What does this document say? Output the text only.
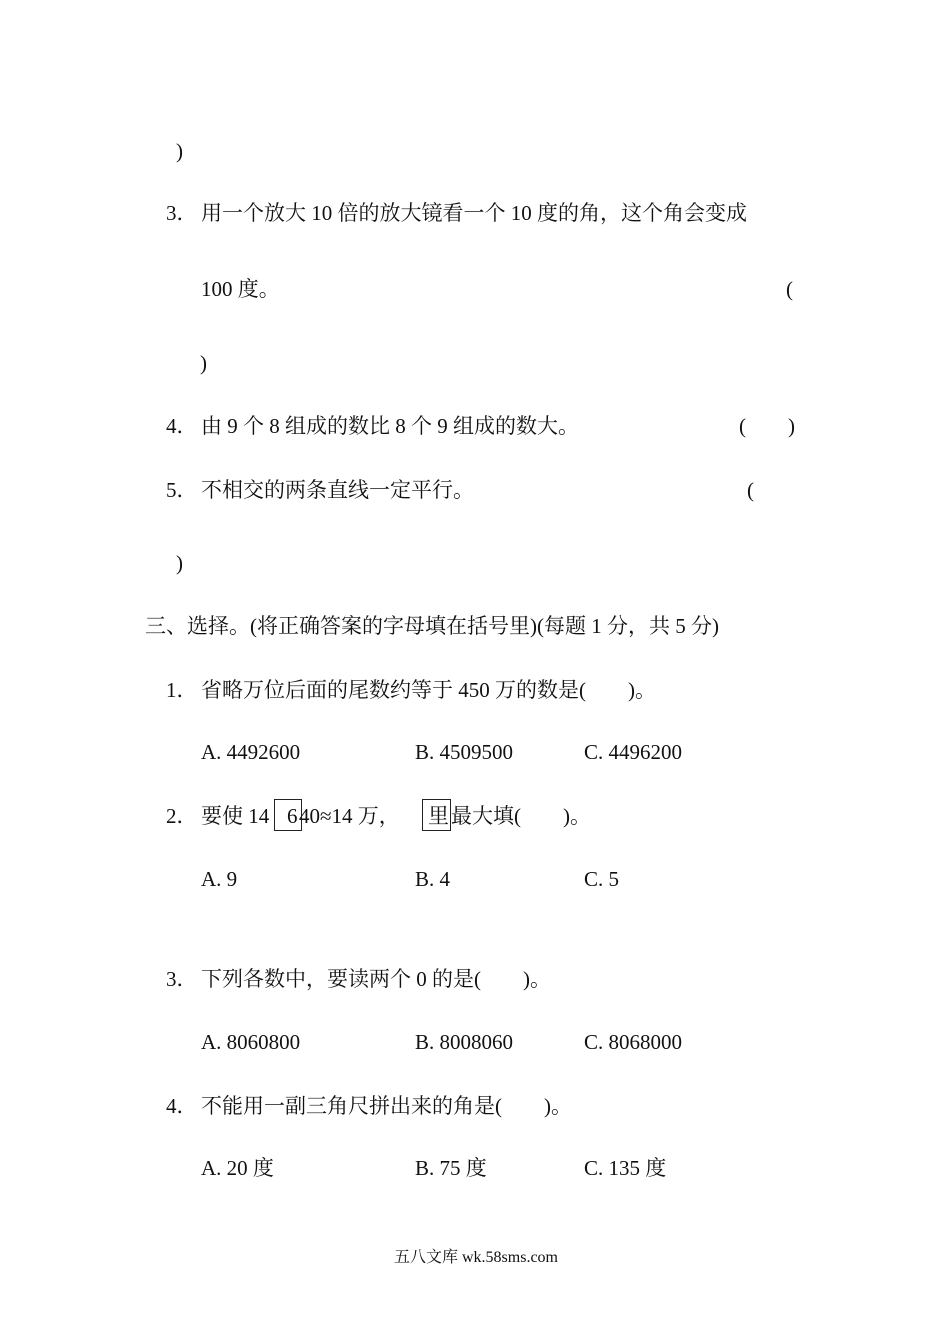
)
3． 用一个放大 10 倍的放大镜看一个 10 度的角，这个角会变成
100 度。	(
)
4． 由 9 个 8 组成的数比 8 个 9 组成的数大。	(　　)
5． 不相交的两条直线一定平行。	(
)
三、选择。(将正确答案的字母填在括号里)(每题 1 分，共 5 分)
1． 省略万位后面的尾数约等于 450 万的数是(　　)。
A. 4492600	B. 4509500	C. 4496200
2． 要使 14 6 40≈14 万， 里 最大填(　　)。
A. 9	B. 4	C. 5
3． 下列各数中，要读两个 0 的是(　　)。
A. 8060800	B. 8008060	C. 8068000
4． 不能用一副三角尺拼出来的角是(　　)。
A. 20 度	B. 75 度	C. 135 度
五八文库 wk.58sms.com
